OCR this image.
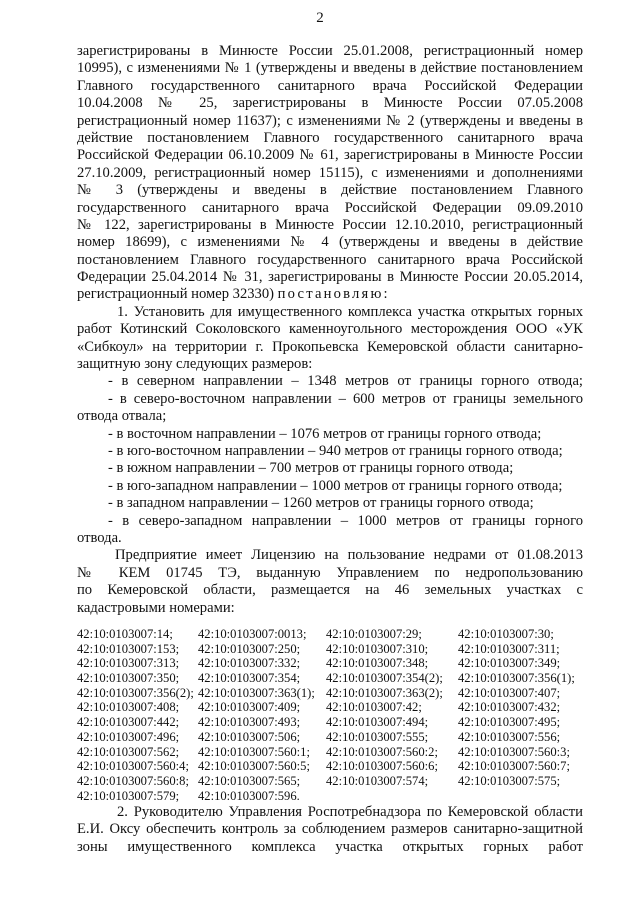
2
зарегистрированы в Минюсте России 25.01.2008, регистрационный номер
10995), с изменениями № 1 (утверждены и введены в действие постановлением
Главного государственного санитарного врача Российской Федерации
10.04.2008 № 25, зарегистрированы в Минюсте России 07.05.2008
регистрационный номер 11637); с изменениями № 2 (утверждены и введены в
действие постановлением Главного государственного санитарного врача
Российской Федерации 06.10.2009 № 61, зарегистрированы в Минюсте России
27.10.2009, регистрационный номер 15115), с изменениями и дополнениями
№ 3 (утверждены и введены в действие постановлением Главного
государственного санитарного врача Российской Федерации 09.09.2010
№ 122, зарегистрированы в Минюсте России 12.10.2010, регистрационный
номер 18699), с изменениями № 4 (утверждены и введены в действие
постановлением Главного государственного санитарного врача Российской
Федерации 25.04.2014 № 31, зарегистрированы в Минюсте России 20.05.2014,
регистрационный номер 32330) постановляю:
1. Установить для имущественного комплекса участка открытых горных
работ Котинский Соколовского каменноугольного месторождения ООО «УК
«Сибкоул» на территории г. Прокопьевска Кемеровской области санитарно-
защитную зону следующих размеров:
- в северном направлении – 1348 метров от границы горного отвода;
- в северо-восточном направлении – 600 метров от границы земельного
отвода отвала;
- в восточном направлении – 1076 метров от границы горного отвода;
- в юго-восточном направлении – 940 метров от границы горного отвода;
- в южном направлении – 700 метров от границы горного отвода;
- в юго-западном направлении – 1000 метров от границы горного отвода;
- в западном направлении – 1260 метров от границы горного отвода;
- в северо-западном направлении – 1000 метров от границы горного
отвода.
Предприятие имеет Лицензию на пользование недрами от 01.08.2013
№ КЕМ 01745 ТЭ, выданную Управлением по недропользованию
по Кемеровской области, размещается на 46 земельных участках с
кадастровыми номерами:
42:10:0103007:14; 42:10:0103007:0013; 42:10:0103007:29;	42:10:0103007:30;
42:10:0103007:153; 42:10:0103007:250; 42:10:0103007:310; 42:10:0103007:311;
42:10:0103007:313; 42:10:0103007:332; 42:10:0103007:348; 42:10:0103007:349;
42:10:0103007:350; 42:10:0103007:354; 42:10:0103007:354(2); 42:10:0103007:356(1);
42:10:0103007:356(2); 42:10:0103007:363(1); 42:10:0103007:363(2); 42:10:0103007:407;
42:10:0103007:408; 42:10:0103007:409; 42:10:0103007:42;	42:10:0103007:432;
42:10:0103007:442; 42:10:0103007:493; 42:10:0103007:494; 42:10:0103007:495;
42:10:0103007:496; 42:10:0103007:506; 42:10:0103007:555; 42:10:0103007:556;
42:10:0103007:562; 42:10:0103007:560:1; 42:10:0103007:560:2; 42:10:0103007:560:3;
42:10:0103007:560:4; 42:10:0103007:560:5; 42:10:0103007:560:6; 42:10:0103007:560:7;
42:10:0103007:560:8; 42:10:0103007:565; 42:10:0103007:574; 42:10:0103007:575;
42:10:0103007:579; 42:10:0103007:596.
2. Руководителю Управления Роспотребнадзора по Кемеровской области
Е.И. Оксу обеспечить контроль за соблюдением размеров санитарно-защитной
зоны имущественного комплекса участка открытых горных работ
